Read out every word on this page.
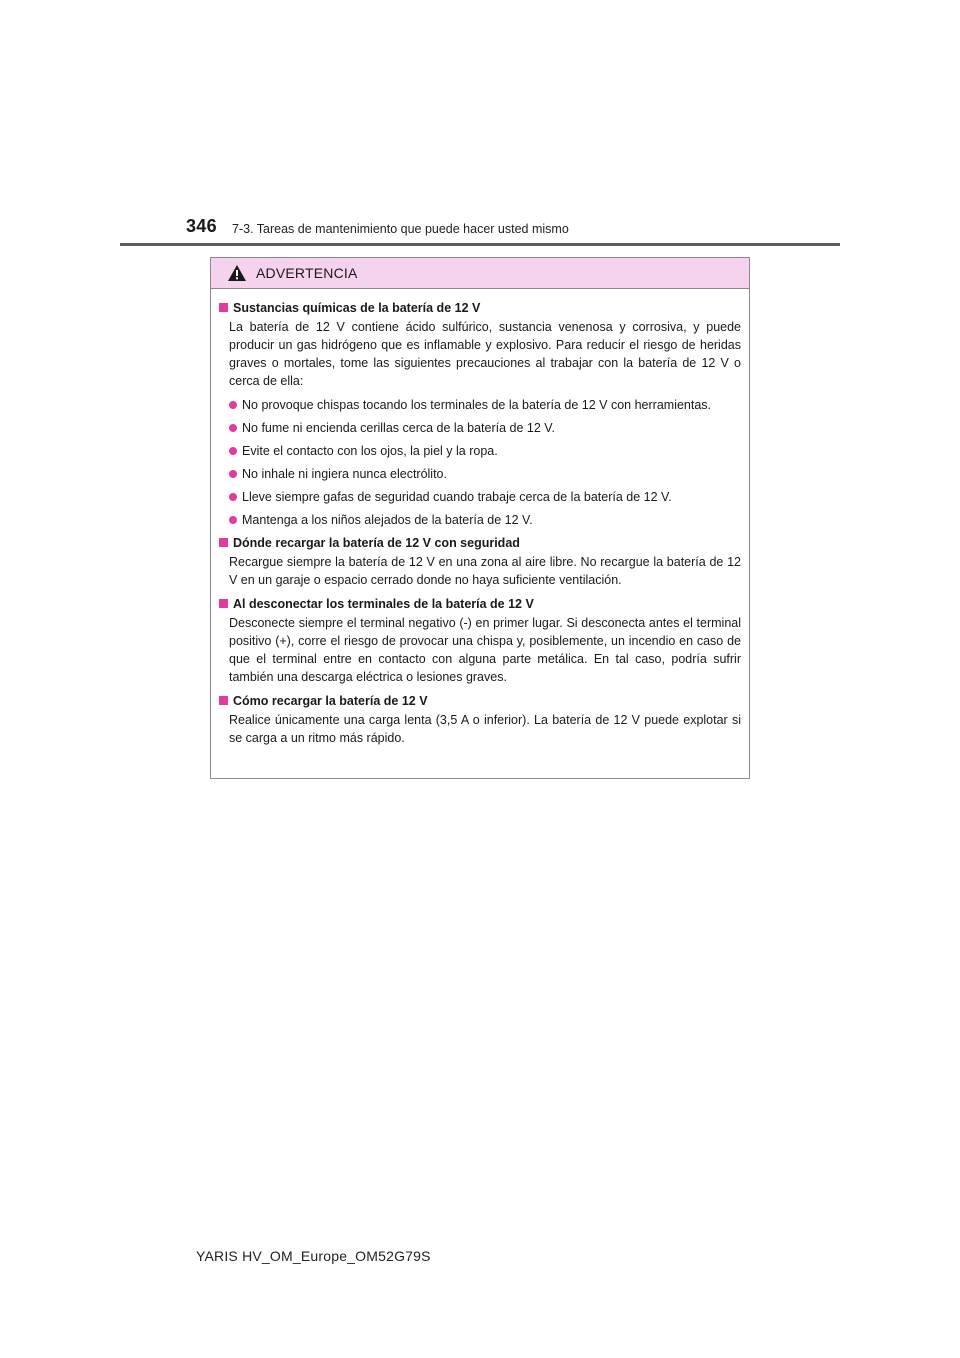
346 7-3. Tareas de mantenimiento que puede hacer usted mismo
ADVERTENCIA
Sustancias químicas de la batería de 12 V
La batería de 12 V contiene ácido sulfúrico, sustancia venenosa y corrosiva, y puede producir un gas hidrógeno que es inflamable y explosivo. Para reducir el riesgo de heridas graves o mortales, tome las siguientes precauciones al trabajar con la batería de 12 V o cerca de ella:
No provoque chispas tocando los terminales de la batería de 12 V con herramientas.
No fume ni encienda cerillas cerca de la batería de 12 V.
Evite el contacto con los ojos, la piel y la ropa.
No inhale ni ingiera nunca electrólito.
Lleve siempre gafas de seguridad cuando trabaje cerca de la batería de 12 V.
Mantenga a los niños alejados de la batería de 12 V.
Dónde recargar la batería de 12 V con seguridad
Recargue siempre la batería de 12 V en una zona al aire libre. No recargue la batería de 12 V en un garaje o espacio cerrado donde no haya suficiente ventilación.
Al desconectar los terminales de la batería de 12 V
Desconecte siempre el terminal negativo (-) en primer lugar. Si desconecta antes el terminal positivo (+), corre el riesgo de provocar una chispa y, posiblemente, un incendio en caso de que el terminal entre en contacto con alguna parte metálica. En tal caso, podría sufrir también una descarga eléctrica o lesiones graves.
Cómo recargar la batería de 12 V
Realice únicamente una carga lenta (3,5 A o inferior). La batería de 12 V puede explotar si se carga a un ritmo más rápido.
YARIS HV_OM_Europe_OM52G79S
